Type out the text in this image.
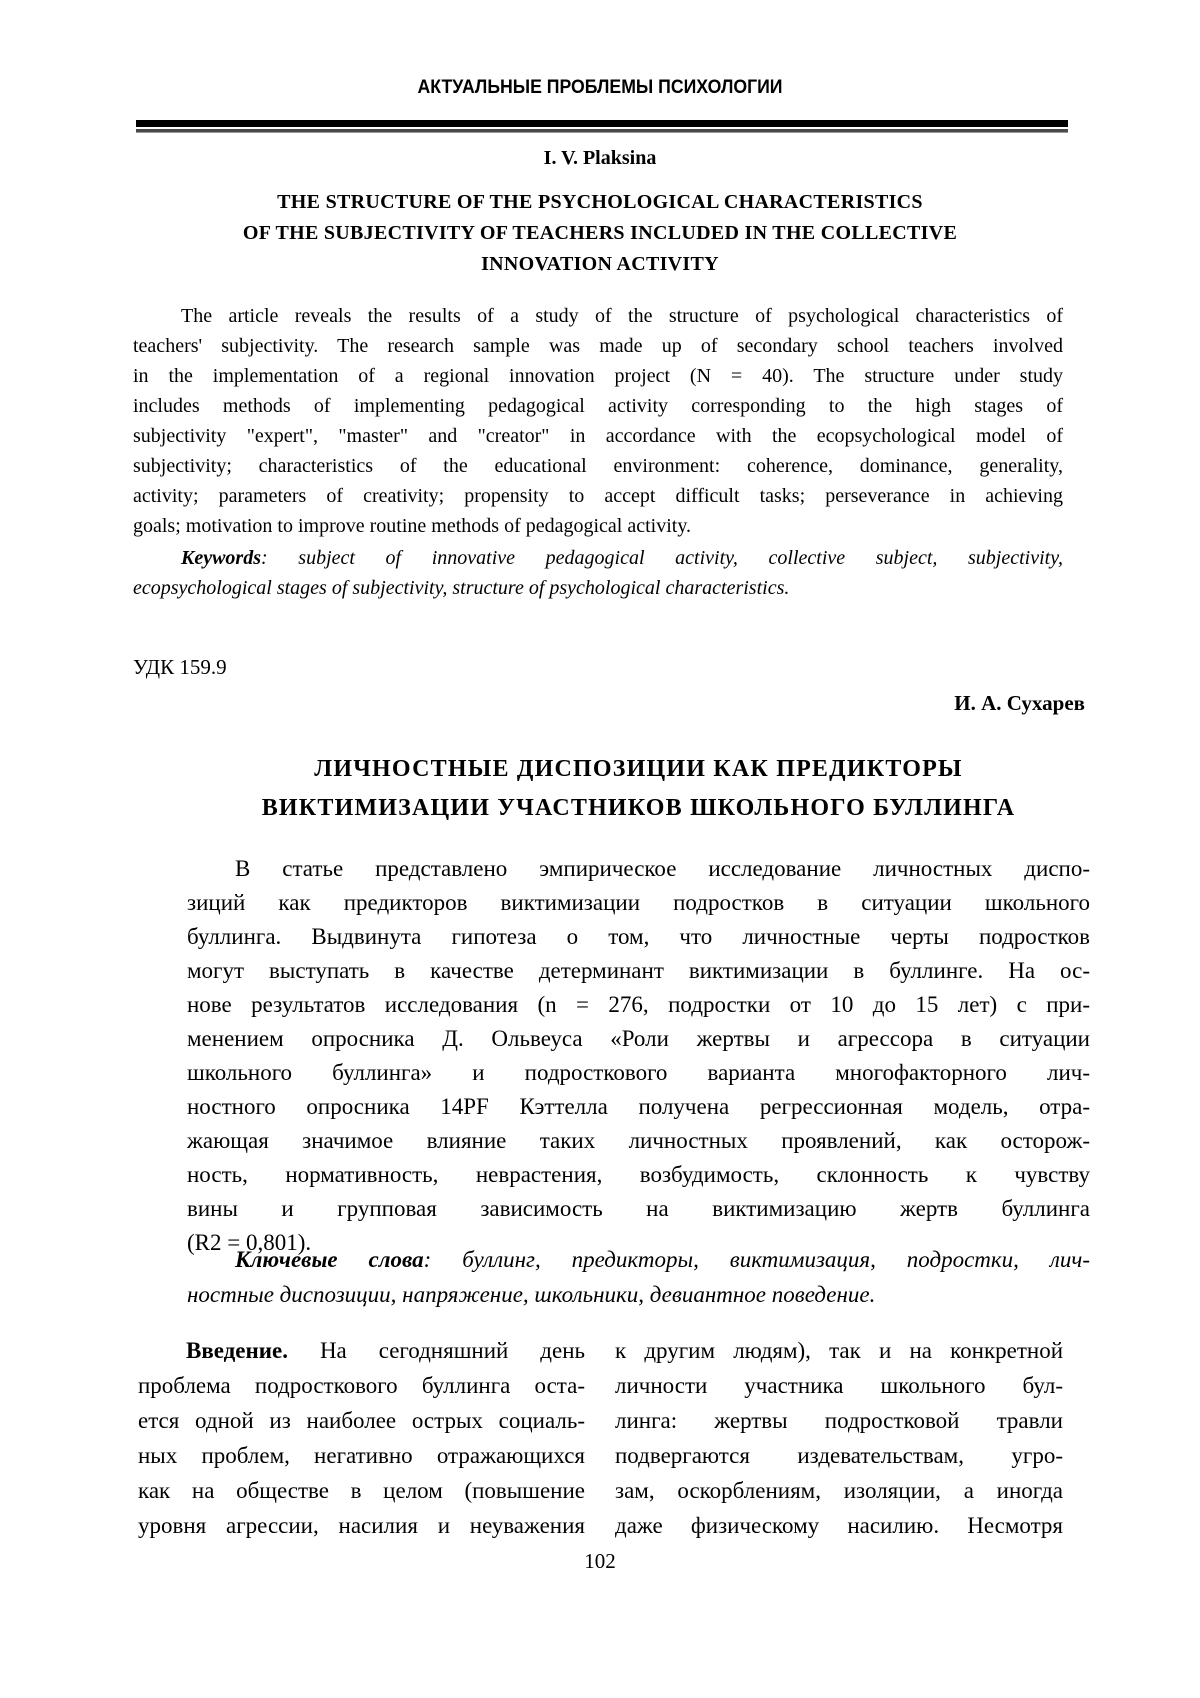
АКТУАЛЬНЫЕ ПРОБЛЕМЫ ПСИХОЛОГИИ
I. V. Plaksina
THE STRUCTURE OF THE PSYCHOLOGICAL CHARACTERISTICS
OF THE SUBJECTIVITY OF TEACHERS INCLUDED IN THE COLLECTIVE
INNOVATION ACTIVITY
The article reveals the results of a study of the structure of psychological characteristics of
teachers' subjectivity. The research sample was made up of secondary school teachers involved
in the implementation of a regional innovation project (N = 40). The structure under study
includes methods of implementing pedagogical activity corresponding to the high stages of
subjectivity "expert", "master" and "creator" in accordance with the ecopsychological model of
subjectivity; characteristics of the educational environment: coherence, dominance, generality,
activity; parameters of creativity; propensity to accept difficult tasks; perseverance in achieving
goals; motivation to improve routine methods of pedagogical activity.
Keywords: subject of innovative pedagogical activity, collective subject, subjectivity,
ecopsychological stages of subjectivity, structure of psychological characteristics.
УДК 159.9
И. А. Сухарев
ЛИЧНОСТНЫЕ ДИСПОЗИЦИИ КАК ПРЕДИКТОРЫ
ВИКТИМИЗАЦИИ УЧАСТНИКОВ ШКОЛЬНОГО БУЛЛИНГА
В статье представлено эмпирическое исследование личностных диспо-
зиций как предикторов виктимизации подростков в ситуации школьного
буллинга. Выдвинута гипотеза о том, что личностные черты подростков
могут выступать в качестве детерминант виктимизации в буллинге. На ос-
нове результатов исследования (n = 276, подростки от 10 до 15 лет) с при-
менением опросника Д. Ольвеуса «Роли жертвы и агрессора в ситуации
школьного буллинга» и подросткового варианта многофакторного лич-
ностного опросника 14PF Кэттелла получена регрессионная модель, отра-
жающая значимое влияние таких личностных проявлений, как осторож-
ность, нормативность, неврастения, возбудимость, склонность к чувству
вины и групповая зависимость на виктимизацию жертв буллинга
(R2 = 0,801).
Ключевые слова: буллинг, предикторы, виктимизация, подростки, лич-
ностные диспозиции, напряжение, школьники, девиантное поведение.
Введение. На сегодняшний день
проблема подросткового буллинга оста-
ется одной из наиболее острых социаль-
ных проблем, негативно отражающихся
как на обществе в целом (повышение
уровня агрессии, насилия и неуважения
к другим людям), так и на конкретной
личности участника школьного бул-
линга: жертвы подростковой травли
подвергаются издевательствам, угро-
зам, оскорблениям, изоляции, а иногда
даже физическому насилию. Несмотря
102
